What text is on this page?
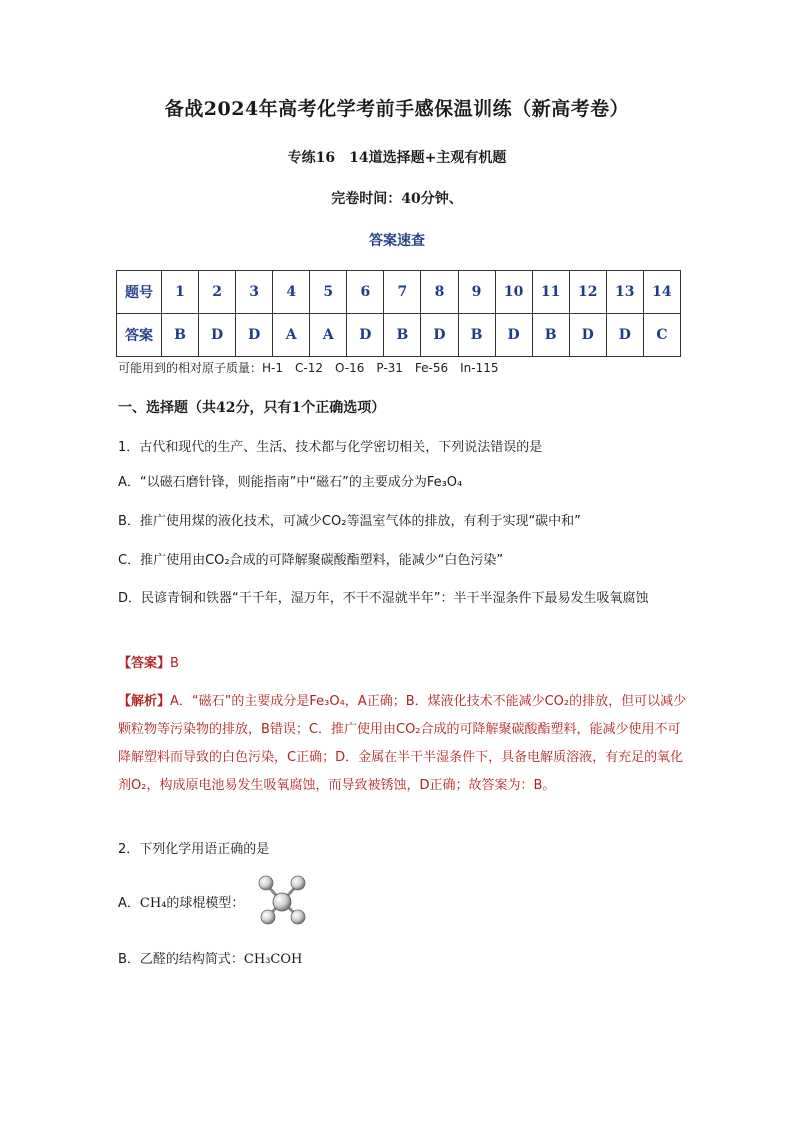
备战2024年高考化学考前手感保温训练（新高考卷）
专练16　14道选择题+主观有机题
完卷时间：40分钟、
答案速查
题号	1	2	3	4	5	6	7	8	9	10	11	12	13	14
答案	B	D	D	A	A	D	B	D	B	D	B	D	D	C
可能用到的相对原子质量：H-1　C-12　O-16　P-31　Fe-56　In-115
一、选择题（共42分，只有1个正确选项）
1．古代和现代的生产、生活、技术都与化学密切相关，下列说法错误的是
A．“以磁石磨针锋，则能指南”中“磁石”的主要成分为Fe₃O₄
B．推广使用煤的液化技术，可减少CO₂等温室气体的排放，有利于实现“碳中和”
C．推广使用由CO₂合成的可降解聚碳酸酯塑料，能减少“白色污染”
D．民谚青铜和铁器“干千年，湿万年，不干不湿就半年”：半干半湿条件下最易发生吸氧腐蚀
【答案】B
【解析】A．“磁石”的主要成分是Fe₃O₄，A正确；B．煤液化技术不能减少CO₂的排放，但可以减少颗粒物等污染物的排放，B错误；C．推广使用由CO₂合成的可降解聚碳酸酯塑料，能减少使用不可降解塑料而导致的白色污染，C正确；D．金属在半干半湿条件下，具备电解质溶液，有充足的氧化剂O₂，构成原电池易发生吸氧腐蚀，而导致被锈蚀，D正确；故答案为：B。
2．下列化学用语正确的是
A．CH₄的球棍模型：
B．乙醛的结构简式：CH₃COH
